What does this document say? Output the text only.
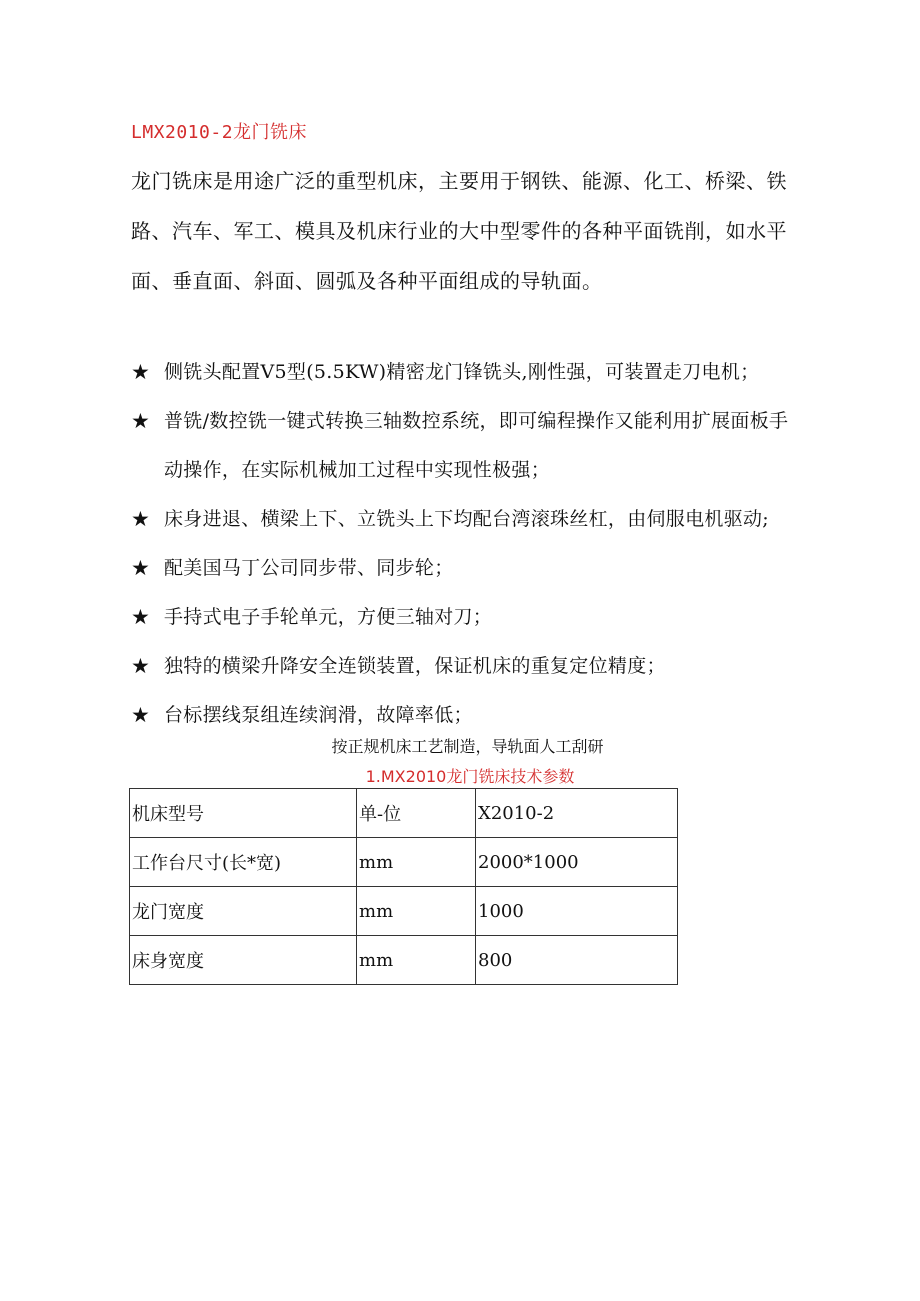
LMX2010-2龙门铣床

龙门铣床是用途广泛的重型机床，主要用于钢铁、能源、化工、桥梁、铁路、汽车、军工、模具及机床行业的大中型零件的各种平面铣削，如水平面、垂直面、斜面、圆弧及各种平面组成的导轨面。

★ 侧铣头配置V5型(5.5KW)精密龙门锋铣头,刚性强，可装置走刀电机；
★ 普铣/数控铣一键式转换三轴数控系统，即可编程操作又能利用扩展面板手动操作，在实际机械加工过程中实现性极强；
★ 床身进退、横梁上下、立铣头上下均配台湾滚珠丝杠，由伺服电机驱动;
★ 配美国马丁公司同步带、同步轮；
★ 手持式电子手轮单元，方便三轴对刀；
★ 独特的横梁升降安全连锁装置，保证机床的重复定位精度；
★ 台标摆线泵组连续润滑，故障率低；
按正规机床工艺制造，导轨面人工刮研
1.MX2010龙门铣床技术参数
机床型号	单-位	X2010-2
工作台尺寸(长*宽)	mm	2000*1000
龙门宽度	mm	1000
床身宽度	mm	800
